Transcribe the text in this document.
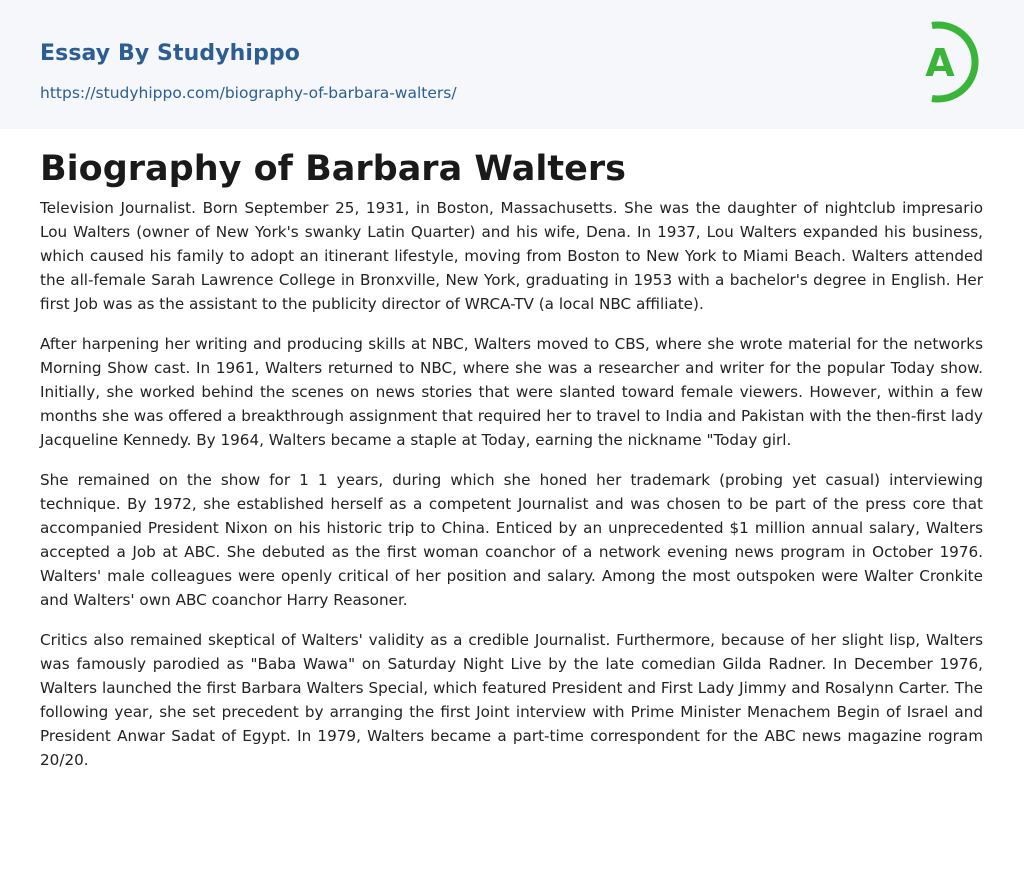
Essay By Studyhippo
https://studyhippo.com/biography-of-barbara-walters/
A
Biography of Barbara Walters

Television Journalist. Born September 25, 1931, in Boston, Massachusetts. She was the daughter of nightclub impresario Lou Walters (owner of New York's swanky Latin Quarter) and his wife, Dena. In 1937, Lou Walters expanded his business, which caused his family to adopt an itinerant lifestyle, moving from Boston to New York to Miami Beach. Walters attended the all-female Sarah Lawrence College in Bronxville, New York, graduating in 1953 with a bachelor's degree in English. Her first Job was as the assistant to the publicity director of WRCA-TV (a local NBC affiliate).

After harpening her writing and producing skills at NBC, Walters moved to CBS, where she wrote material for the networks Morning Show cast. In 1961, Walters returned to NBC, where she was a researcher and writer for the popular Today show. Initially, she worked behind the scenes on news stories that were slanted toward female viewers. However, within a few months she was offered a breakthrough assignment that required her to travel to India and Pakistan with the then-first lady Jacqueline Kennedy. By 1964, Walters became a staple at Today, earning the nickname "Today girl.

She remained on the show for 1 1 years, during which she honed her trademark (probing yet casual) interviewing technique. By 1972, she established herself as a competent Journalist and was chosen to be part of the press core that accompanied President Nixon on his historic trip to China. Enticed by an unprecedented $1 million annual salary, Walters accepted a Job at ABC. She debuted as the first woman coanchor of a network evening news program in October 1976. Walters' male colleagues were openly critical of her position and salary. Among the most outspoken were Walter Cronkite and Walters' own ABC coanchor Harry Reasoner.

Critics also remained skeptical of Walters' validity as a credible Journalist. Furthermore, because of her slight lisp, Walters was famously parodied as "Baba Wawa" on Saturday Night Live by the late comedian Gilda Radner. In December 1976, Walters launched the first Barbara Walters Special, which featured President and First Lady Jimmy and Rosalynn Carter. The following year, she set precedent by arranging the first Joint interview with Prime Minister Menachem Begin of Israel and President Anwar Sadat of Egypt. In 1979, Walters became a part-time correspondent for the ABC news magazine rogram 20/20.
